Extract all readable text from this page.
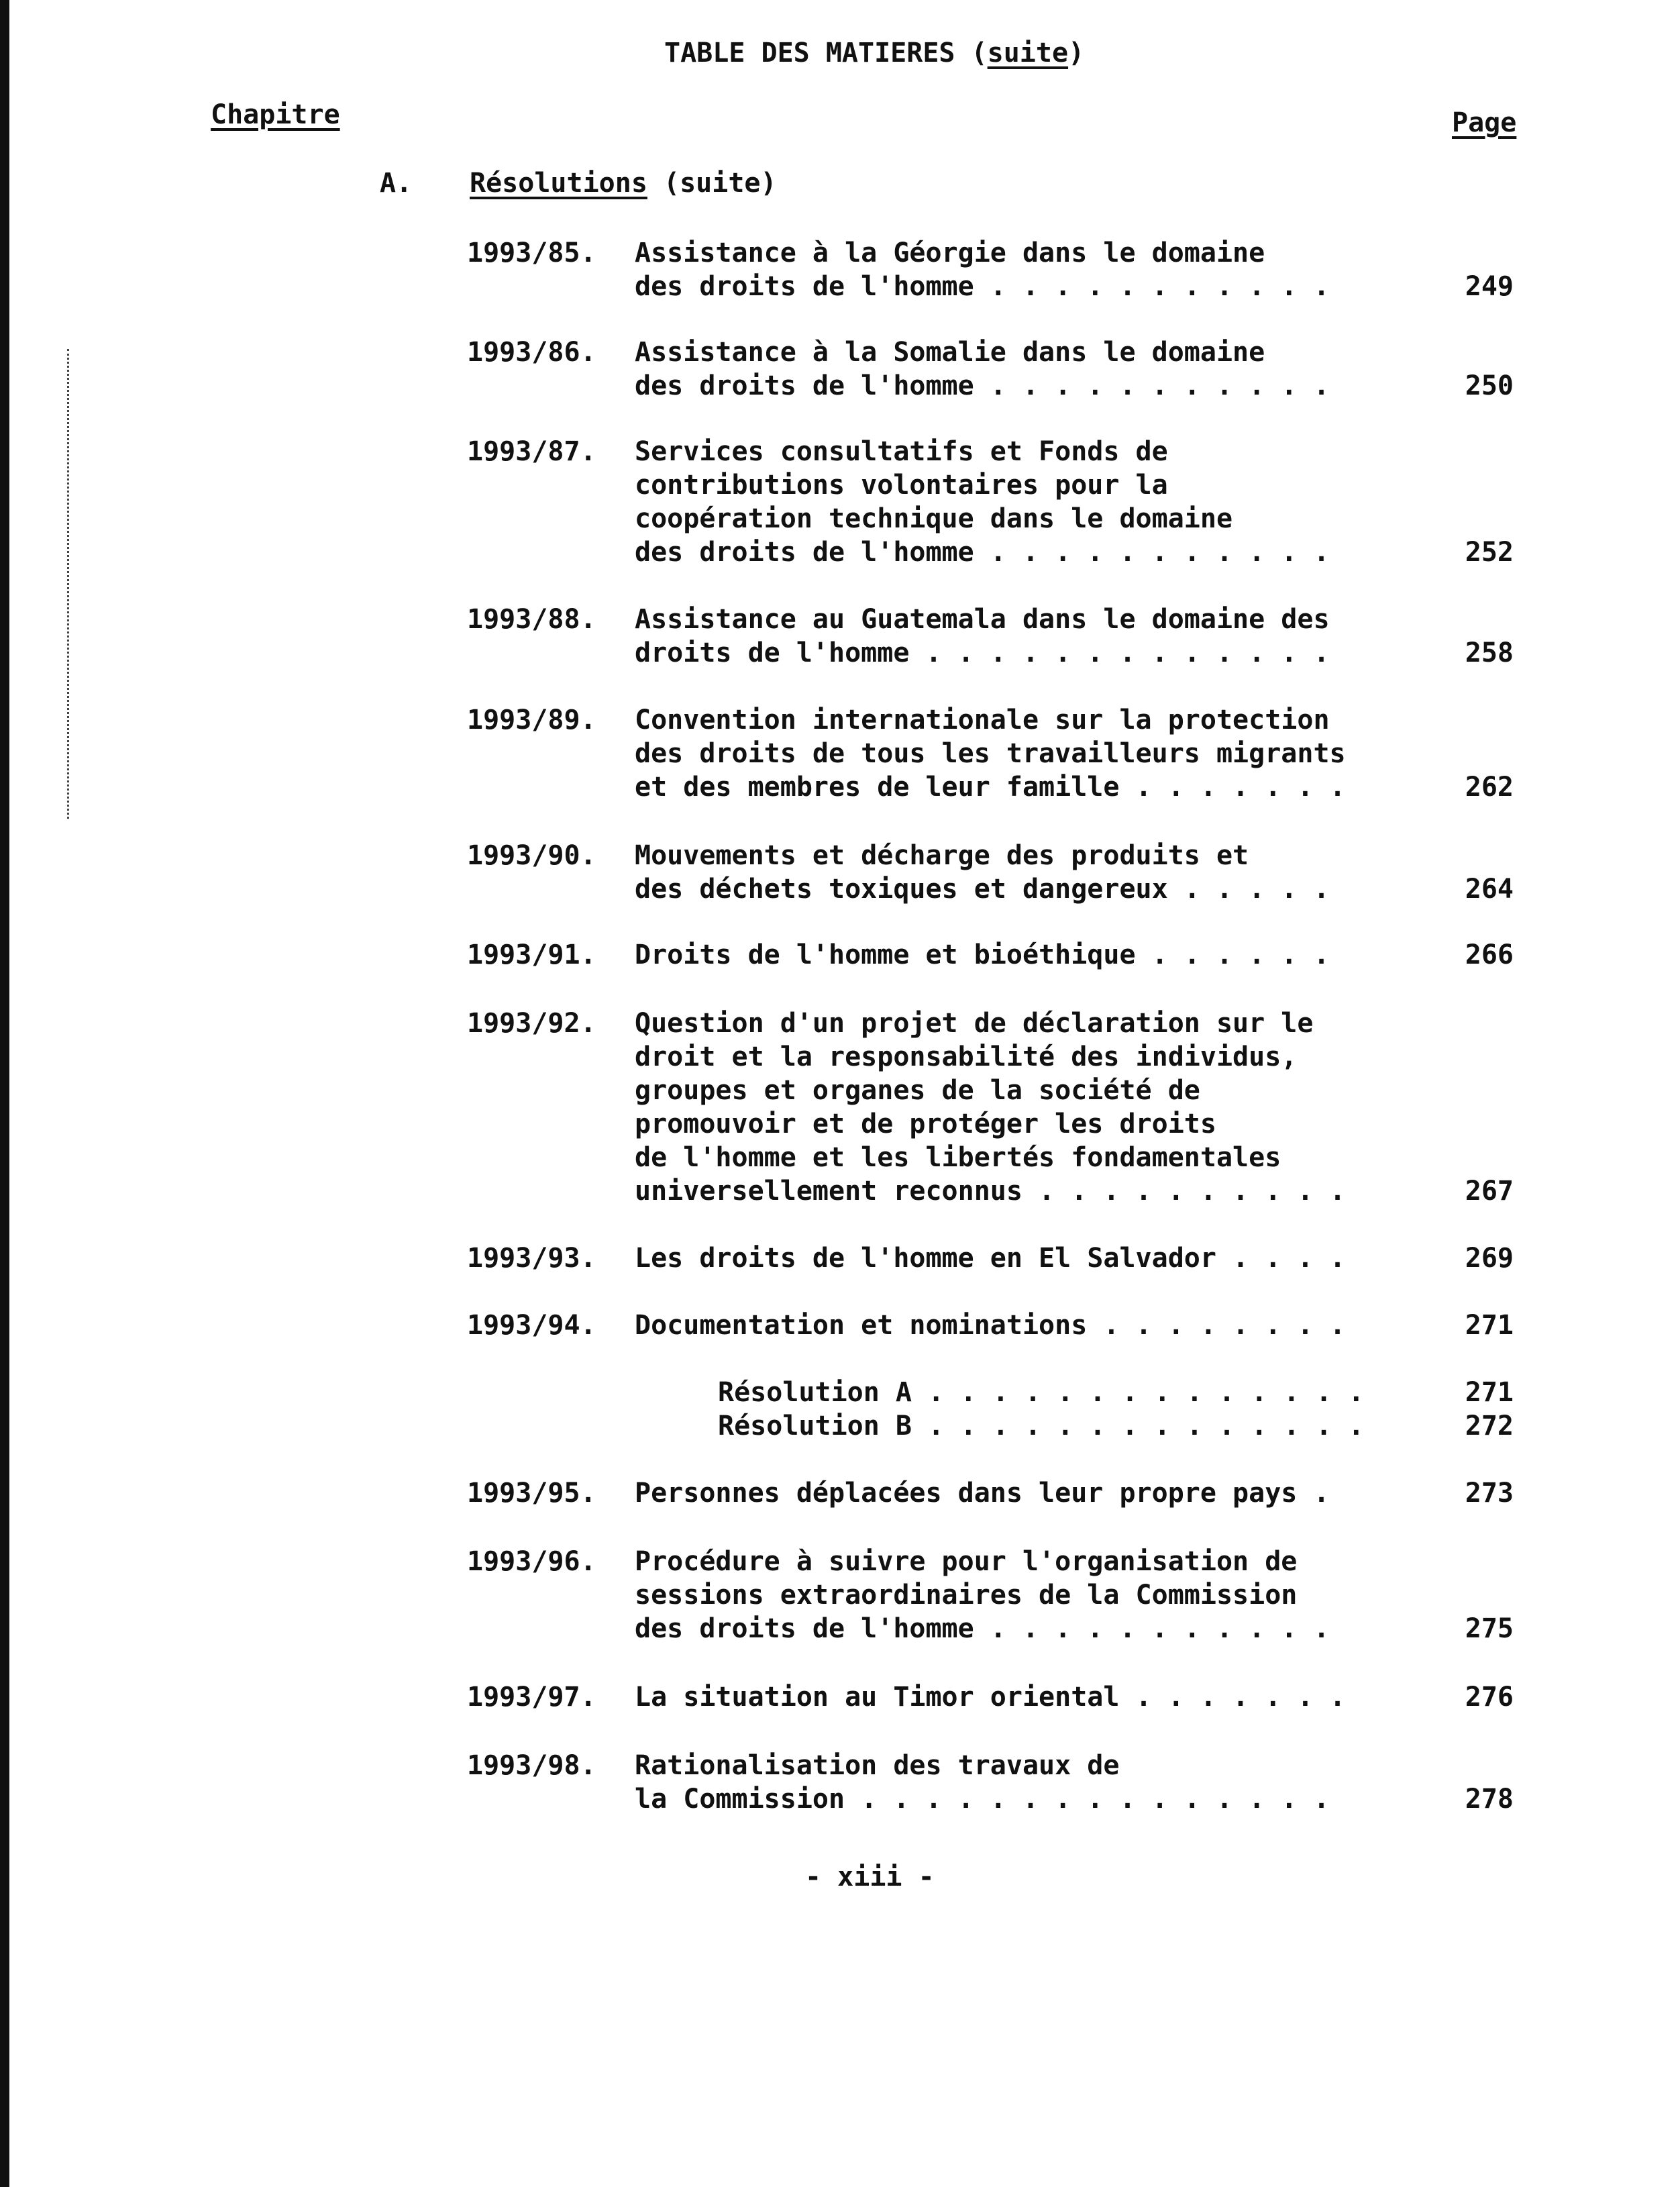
TABLE DES MATIERES (suite)
Chapitre	Page
A. Résolutions (suite)
1993/85. Assistance à la Géorgie dans le domaine
des droits de l'homme . . . . . . . . . . .	249
1993/86. Assistance à la Somalie dans le domaine
des droits de l'homme . . . . . . . . . . .	250
1993/87. Services consultatifs et Fonds de
contributions volontaires pour la
coopération technique dans le domaine
des droits de l'homme . . . . . . . . . . .	252
1993/88. Assistance au Guatemala dans le domaine des
droits de l'homme . . . . . . . . . . . . .	258
1993/89. Convention internationale sur la protection
des droits de tous les travailleurs migrants
et des membres de leur famille . . . . . . .	262
1993/90. Mouvements et décharge des produits et
des déchets toxiques et dangereux . . . . .	264
1993/91. Droits de l'homme et bioéthique . . . . . .	266
1993/92. Question d'un projet de déclaration sur le
droit et la responsabilité des individus,
groupes et organes de la société de
promouvoir et de protéger les droits
de l'homme et les libertés fondamentales
universellement reconnus . . . . . . . . . .	267
1993/93. Les droits de l'homme en El Salvador . . . .	269
1993/94. Documentation et nominations . . . . . . . .	271
Résolution A . . . . . . . . . . . . . .	271
Résolution B . . . . . . . . . . . . . .	272
1993/95. Personnes déplacées dans leur propre pays .	273
1993/96. Procédure à suivre pour l'organisation de
sessions extraordinaires de la Commission
des droits de l'homme . . . . . . . . . . .	275
1993/97. La situation au Timor oriental . . . . . . .	276
1993/98. Rationalisation des travaux de
la Commission . . . . . . . . . . . . . . .	278
- xiii -
